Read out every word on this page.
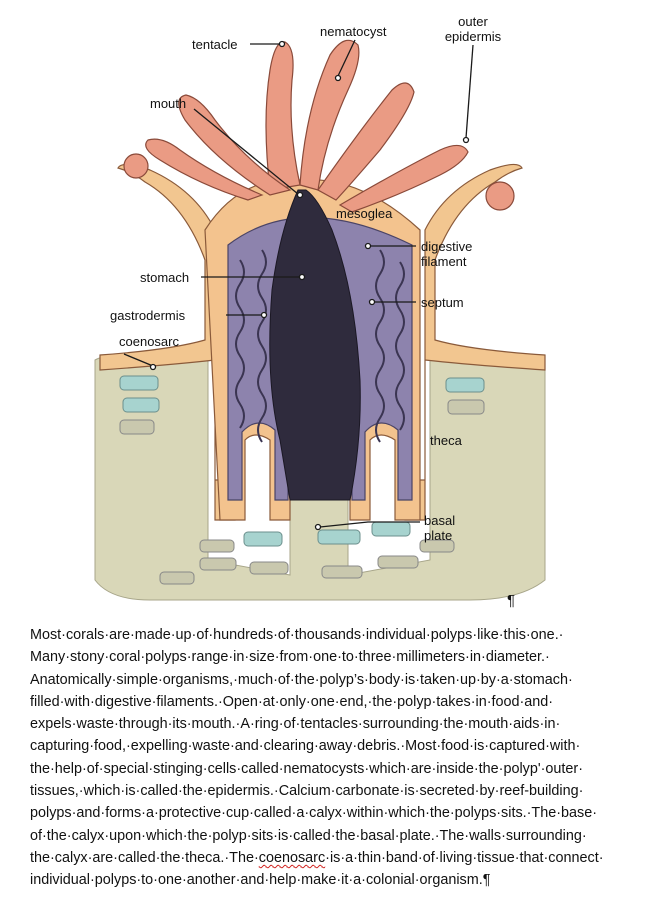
tentacle
nematocyst
outer
epidermis
mouth
mesoglea
digestive
filament
stomach
septum
gastrodermis
coenosarc
theca
basal
plate
¶

Most·corals·are·made·up·of·hundreds·of·thousands·individual·polyps·like·this·one.·
Many·stony·coral·polyps·range·in·size·from·one·to·three·millimeters·in·diameter.·
Anatomically·simple·organisms,·much·of·the·polyp’s·body·is·taken·up·by·a·stomach·
filled·with·digestive·filaments.·Open·at·only·one·end,·the·polyp·takes·in·food·and·
expels·waste·through·its·mouth.·A·ring·of·tentacles·surrounding·the·mouth·aids·in·
capturing·food,·expelling·waste·and·clearing·away·debris.·Most·food·is·captured·with·
the·help·of·special·stinging·cells·called·nematocysts·which·are·inside·the·polyp'·outer·
tissues,·which·is·called·the·epidermis.·Calcium·carbonate·is·secreted·by·reef-building·
polyps·and·forms·a·protective·cup·called·a·calyx·within·which·the·polyps·sits.·The·base·
of·the·calyx·upon·which·the·polyp·sits·is·called·the·basal·plate.·The·walls·surrounding·
the·calyx·are·called·the·theca.·The·coenosarc·is·a·thin·band·of·living·tissue·that·connect·
individual·polyps·to·one·another·and·help·make·it·a·colonial·organism.¶
